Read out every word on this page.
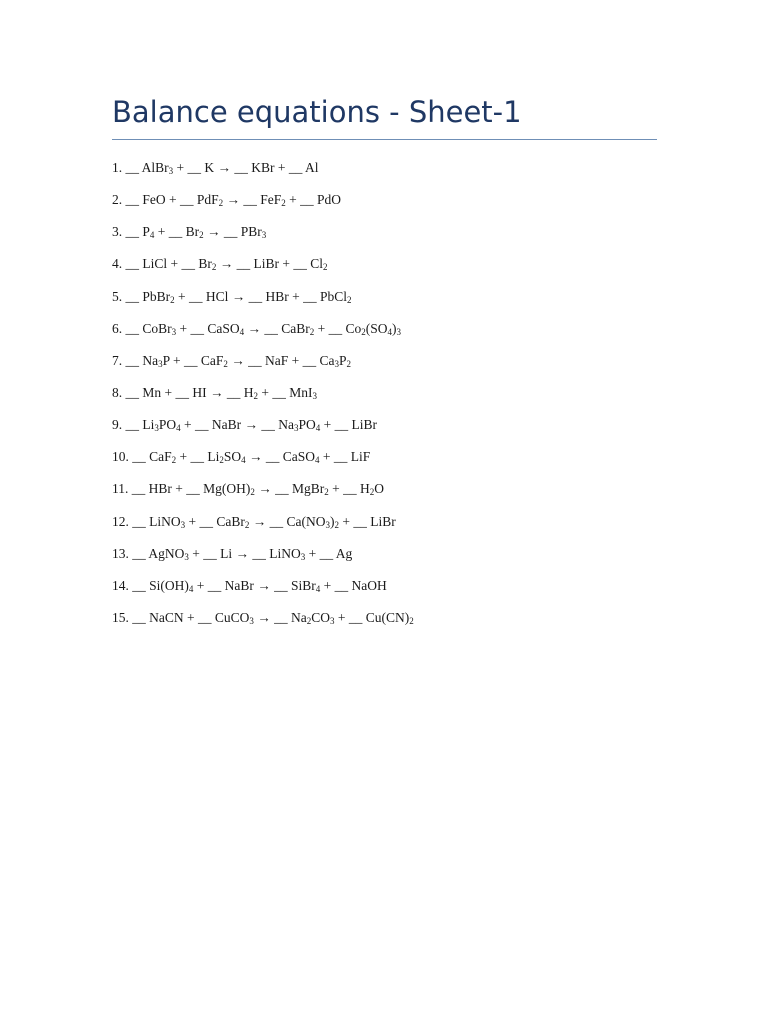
Balance equations - Sheet-1
1. __ AlBr$_3$ + __ K → __ KBr + __ Al
2. __ FeO + __ PdF$_2$ → __ FeF$_2$ + __ PdO
3. __ $P_4$ + __ $Br_2$ → __ PBr$_3$
4. __ LiCl + __ $Br_2$ → __ LiBr + __ $Cl_2$
5. __ PbBr$_2$ + __ HCl → __ HBr + __ PbCl$_2$
6. __ CoBr$_3$ + __ CaSO$_4$ → __ CaBr$_2$ + __ $Co_2(SO_4)_3$
7. __ $Na_3P$ + __ CaF$_2$ → __ NaF + __ $Ca_3P_2$
8. __ Mn + __ HI → __ $H_2$ + __ MnI$_3$
9. __ $Li_3PO_4$ + __ NaBr → __ $Na_3PO_4$ + __ LiBr
10. __ CaF$_2$ + __ $Li_2SO_4$ → __ CaSO$_4$ + __ LiF
11. __ HBr + __ $Mg(OH)_2$ → __ MgBr$_2$ + __ $H_2O$
12. __ LiNO$_3$ + __ CaBr$_2$ → __ $Ca(NO_3)_2$ + __ LiBr
13. __ AgNO$_3$ + __ Li → __ LiNO$_3$ + __ Ag
14. __ $Si(OH)_4$ + __ NaBr → __ SiBr$_4$ + __ NaOH
15. __ NaCN + __ CuCO$_3$ → __ $Na_2CO_3$ + __ $Cu(CN)_2$
